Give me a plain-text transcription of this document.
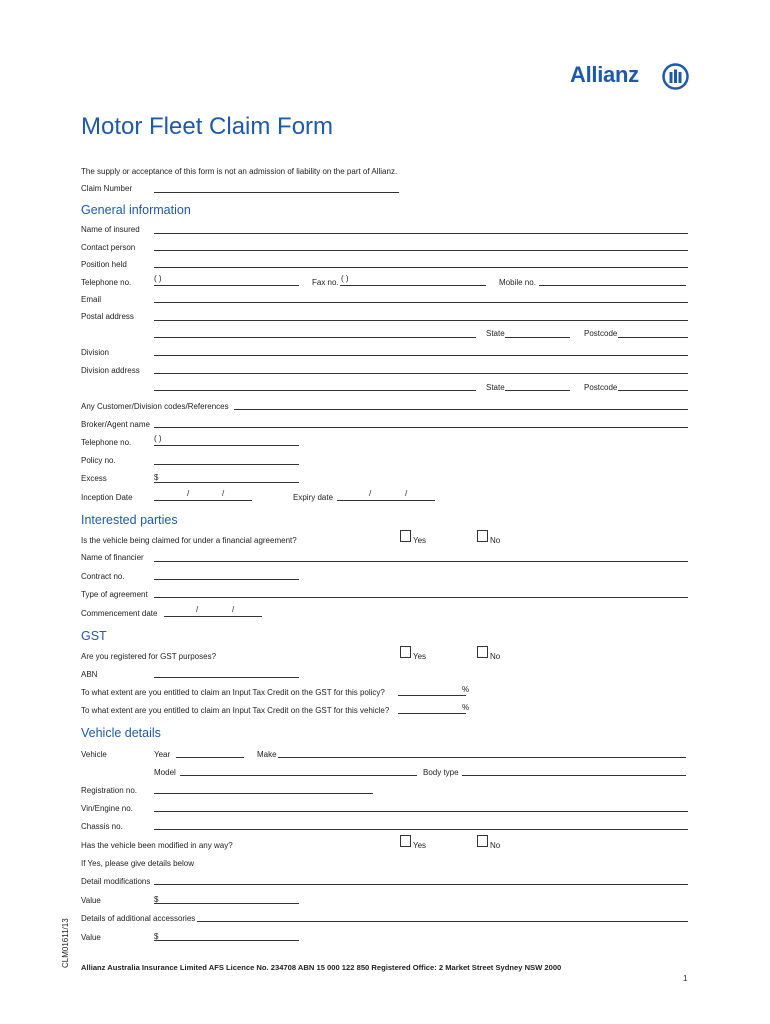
Allianz
Motor Fleet Claim Form
The supply or acceptance of this form is not an admission of liability on the part of Allianz.
Claim Number
General information
Name of insured
Contact person
Position held
Telephone no.	( )	Fax no. ( )	Mobile no.
Email
Postal address
State	Postcode
Division
Division address
State	Postcode
Any Customer/Division codes/References
Broker/Agent name
Telephone no.	( )
Policy no.
Excess	$
Inception Date	/	/	Expiry date	/	/
Interested parties
Is the vehicle being claimed for under a financial agreement?	Yes	No
Name of financier
Contract no.
Type of agreement
Commencement date	/	/
GST
Are you registered for GST purposes?	Yes	No
ABN
To what extent are you entitled to claim an Input Tax Credit on the GST for this policy?	%
To what extent are you entitled to claim an Input Tax Credit on the GST for this vehicle?	%
Vehicle details
Vehicle	Year	Make
Model	Body type
Registration no.
Vin/Engine no.
Chassis no.
Has the vehicle been modified in any way?	Yes	No
If Yes, please give details below
Detail modifications
Value	$
Details of additional accessories
Value	$
CLM01611/13 Allianz Australia Insurance Limited AFS Licence No. 234708 ABN 15 000 122 850 Registered Office: 2 Market Street Sydney NSW 2000
1
